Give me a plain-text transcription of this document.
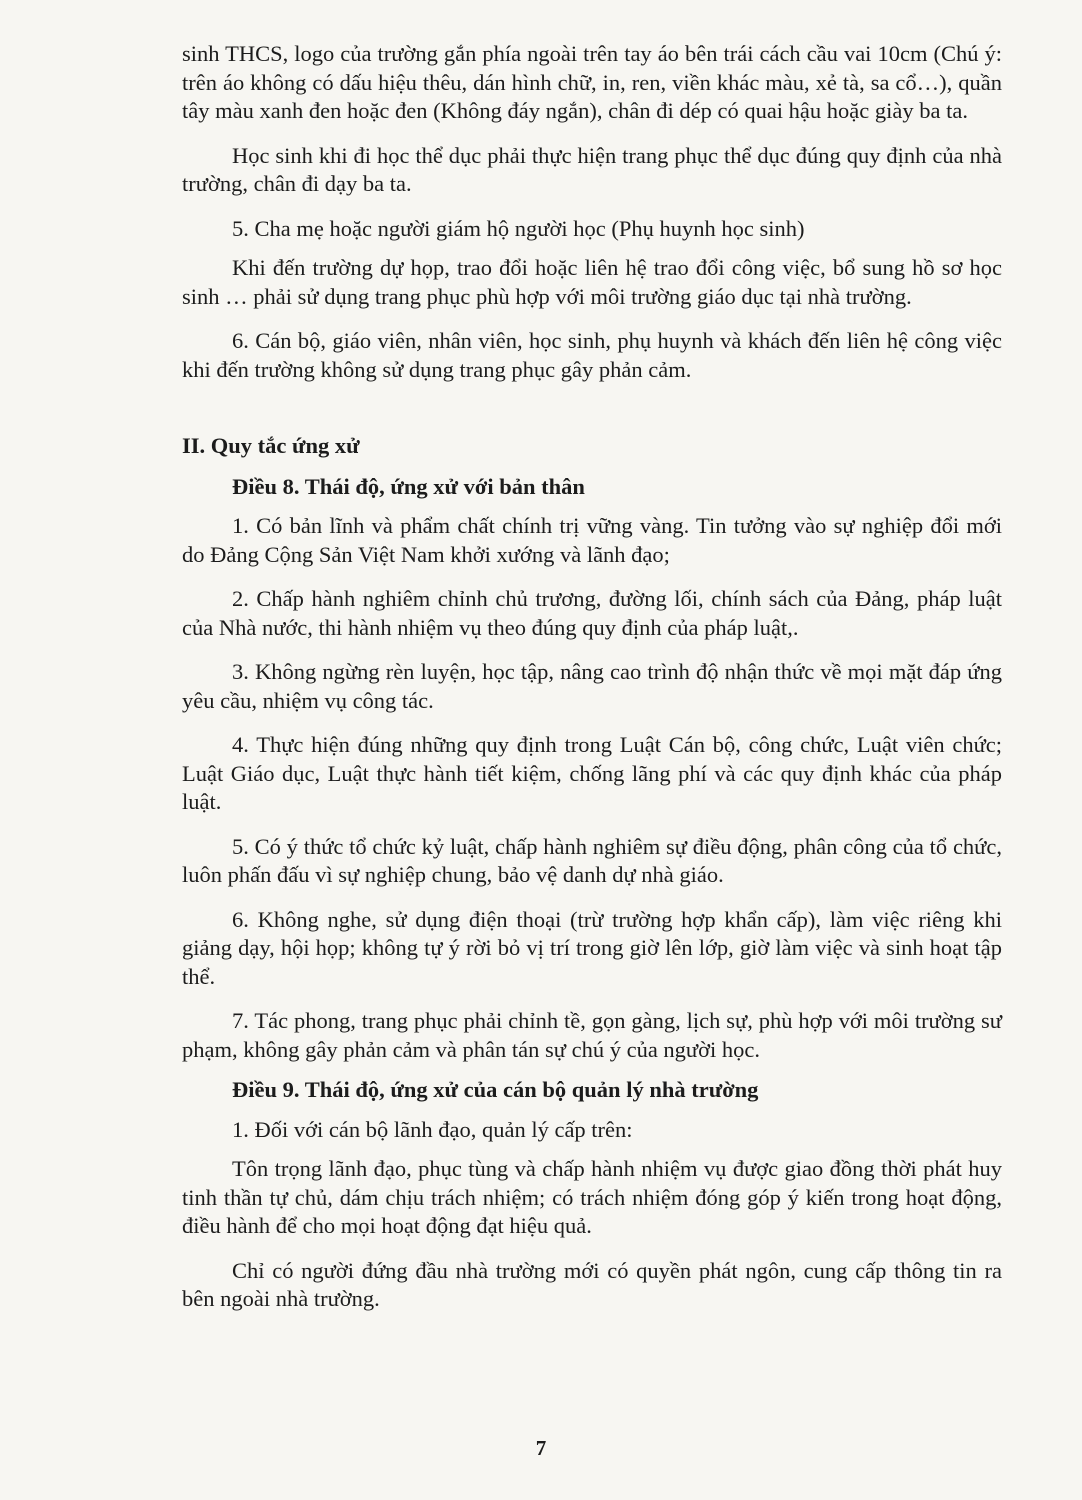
sinh THCS, logo của trường gắn phía ngoài trên tay áo bên trái cách cầu vai 10cm (Chú ý: trên áo không có dấu hiệu thêu, dán hình chữ, in, ren, viền khác màu, xẻ tà, sa cổ…), quần tây màu xanh đen hoặc đen (Không đáy ngắn), chân đi dép có quai hậu hoặc giày ba ta.

Học sinh khi đi học thể dục phải thực hiện trang phục thể dục đúng quy định của nhà trường, chân đi dạy ba ta.

5. Cha mẹ hoặc người giám hộ người học (Phụ huynh học sinh)

Khi đến trường dự họp, trao đổi hoặc liên hệ trao đổi công việc, bổ sung hồ sơ học sinh … phải sử dụng trang phục phù hợp với môi trường giáo dục tại nhà trường.

6. Cán bộ, giáo viên, nhân viên, học sinh, phụ huynh và khách đến liên hệ công việc khi đến trường không sử dụng trang phục gây phản cảm.

II. Quy tắc ứng xử

Điều 8. Thái độ, ứng xử với bản thân

1. Có bản lĩnh và phẩm chất chính trị vững vàng. Tin tưởng vào sự nghiệp đổi mới do Đảng Cộng Sản Việt Nam khởi xướng và lãnh đạo;

2. Chấp hành nghiêm chỉnh chủ trương, đường lối, chính sách của Đảng, pháp luật của Nhà nước, thi hành nhiệm vụ theo đúng quy định của pháp luật,.

3. Không ngừng rèn luyện, học tập, nâng cao trình độ nhận thức về mọi mặt đáp ứng yêu cầu, nhiệm vụ công tác.

4. Thực hiện đúng những quy định trong Luật Cán bộ, công chức, Luật viên chức; Luật Giáo dục, Luật thực hành tiết kiệm, chống lãng phí và các quy định khác của pháp luật.

5. Có ý thức tổ chức kỷ luật, chấp hành nghiêm sự điều động, phân công của tổ chức, luôn phấn đấu vì sự nghiệp chung, bảo vệ danh dự nhà giáo.

6. Không nghe, sử dụng điện thoại (trừ trường hợp khẩn cấp), làm việc riêng khi giảng dạy, hội họp; không tự ý rời bỏ vị trí trong giờ lên lớp, giờ làm việc và sinh hoạt tập thể.

7. Tác phong, trang phục phải chỉnh tề, gọn gàng, lịch sự, phù hợp với môi trường sư phạm, không gây phản cảm và phân tán sự chú ý của người học.

Điều 9. Thái độ, ứng xử của cán bộ quản lý nhà trường

1. Đối với cán bộ lãnh đạo, quản lý cấp trên:

Tôn trọng lãnh đạo, phục tùng và chấp hành nhiệm vụ được giao đồng thời phát huy tinh thần tự chủ, dám chịu trách nhiệm; có trách nhiệm đóng góp ý kiến trong hoạt động, điều hành để cho mọi hoạt động đạt hiệu quả.

Chỉ có người đứng đầu nhà trường mới có quyền phát ngôn, cung cấp thông tin ra bên ngoài nhà trường.

7
